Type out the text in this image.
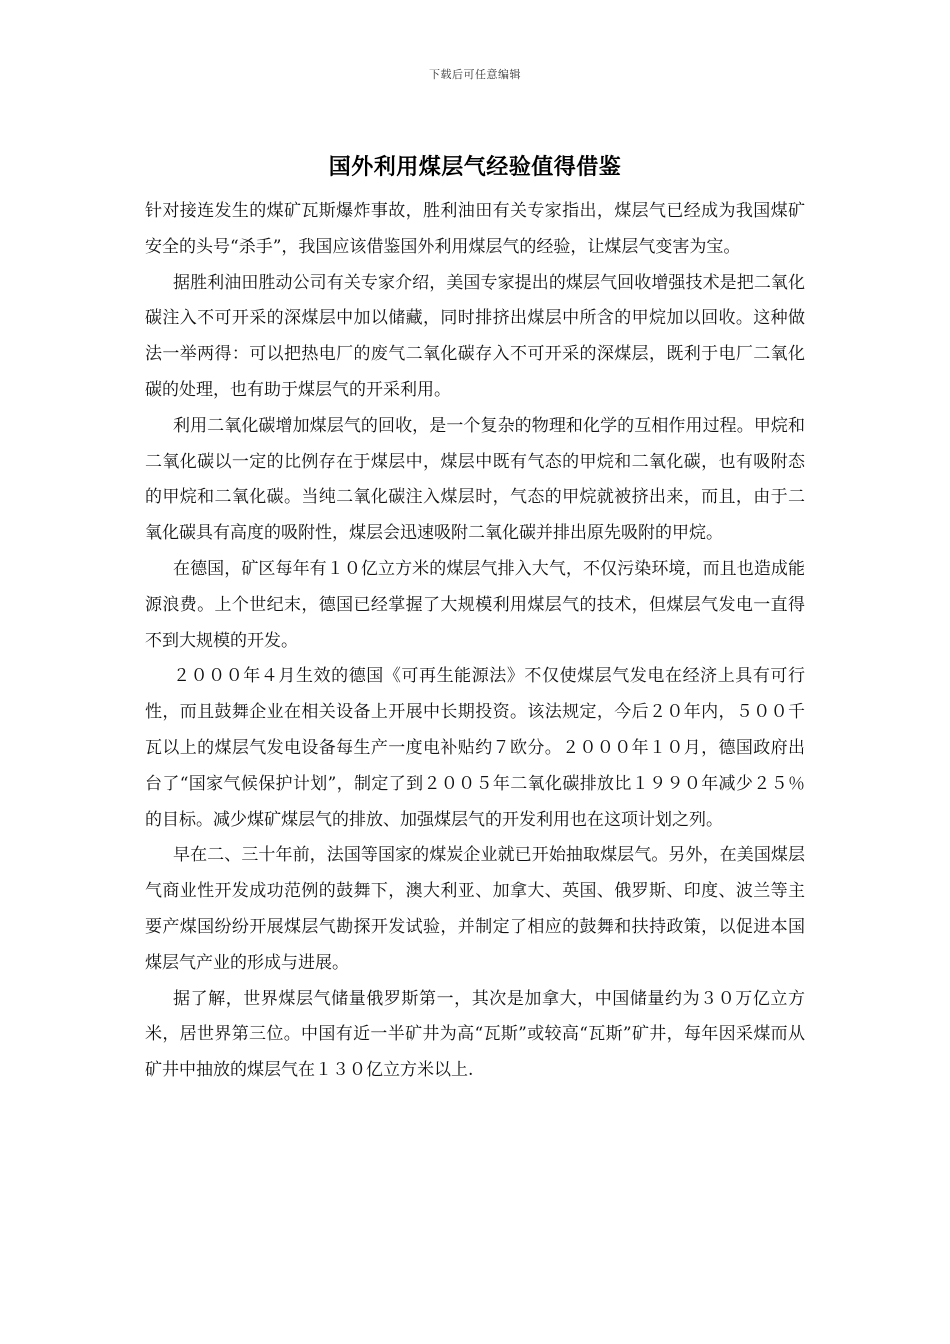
下载后可任意编辑
国外利用煤层气经验值得借鉴

针对接连发生的煤矿瓦斯爆炸事故，胜利油田有关专家指出，煤层气已经成为我国煤矿安全的头号“杀手”，我国应该借鉴国外利用煤层气的经验，让煤层气变害为宝。

据胜利油田胜动公司有关专家介绍，美国专家提出的煤层气回收增强技术是把二氧化碳注入不可开采的深煤层中加以储藏，同时排挤出煤层中所含的甲烷加以回收。这种做法一举两得：可以把热电厂的废气二氧化碳存入不可开采的深煤层，既利于电厂二氧化碳的处理，也有助于煤层气的开采利用。

利用二氧化碳增加煤层气的回收，是一个复杂的物理和化学的互相作用过程。甲烷和二氧化碳以一定的比例存在于煤层中，煤层中既有气态的甲烷和二氧化碳，也有吸附态的甲烷和二氧化碳。当纯二氧化碳注入煤层时，气态的甲烷就被挤出来，而且，由于二氧化碳具有高度的吸附性，煤层会迅速吸附二氧化碳并排出原先吸附的甲烷。

在德国，矿区每年有１０亿立方米的煤层气排入大气，不仅污染环境，而且也造成能源浪费。上个世纪末，德国已经掌握了大规模利用煤层气的技术，但煤层气发电一直得不到大规模的开发。

２０００年４月生效的德国《可再生能源法》不仅使煤层气发电在经济上具有可行性，而且鼓舞企业在相关设备上开展中长期投资。该法规定，今后２０年内，５００千瓦以上的煤层气发电设备每生产一度电补贴约７欧分。２０００年１０月，德国政府出台了“国家气候保护计划”，制定了到２００５年二氧化碳排放比１９９０年减少２５％的目标。减少煤矿煤层气的排放、加强煤层气的开发利用也在这项计划之列。

早在二、三十年前，法国等国家的煤炭企业就已开始抽取煤层气。另外，在美国煤层气商业性开发成功范例的鼓舞下，澳大利亚、加拿大、英国、俄罗斯、印度、波兰等主要产煤国纷纷开展煤层气勘探开发试验，并制定了相应的鼓舞和扶持政策，以促进本国煤层气产业的形成与进展。

据了解，世界煤层气储量俄罗斯第一，其次是加拿大，中国储量约为３０万亿立方米，居世界第三位。中国有近一半矿井为高“瓦斯”或较高“瓦斯”矿井，每年因采煤而从矿井中抽放的煤层气在１３０亿立方米以上.
